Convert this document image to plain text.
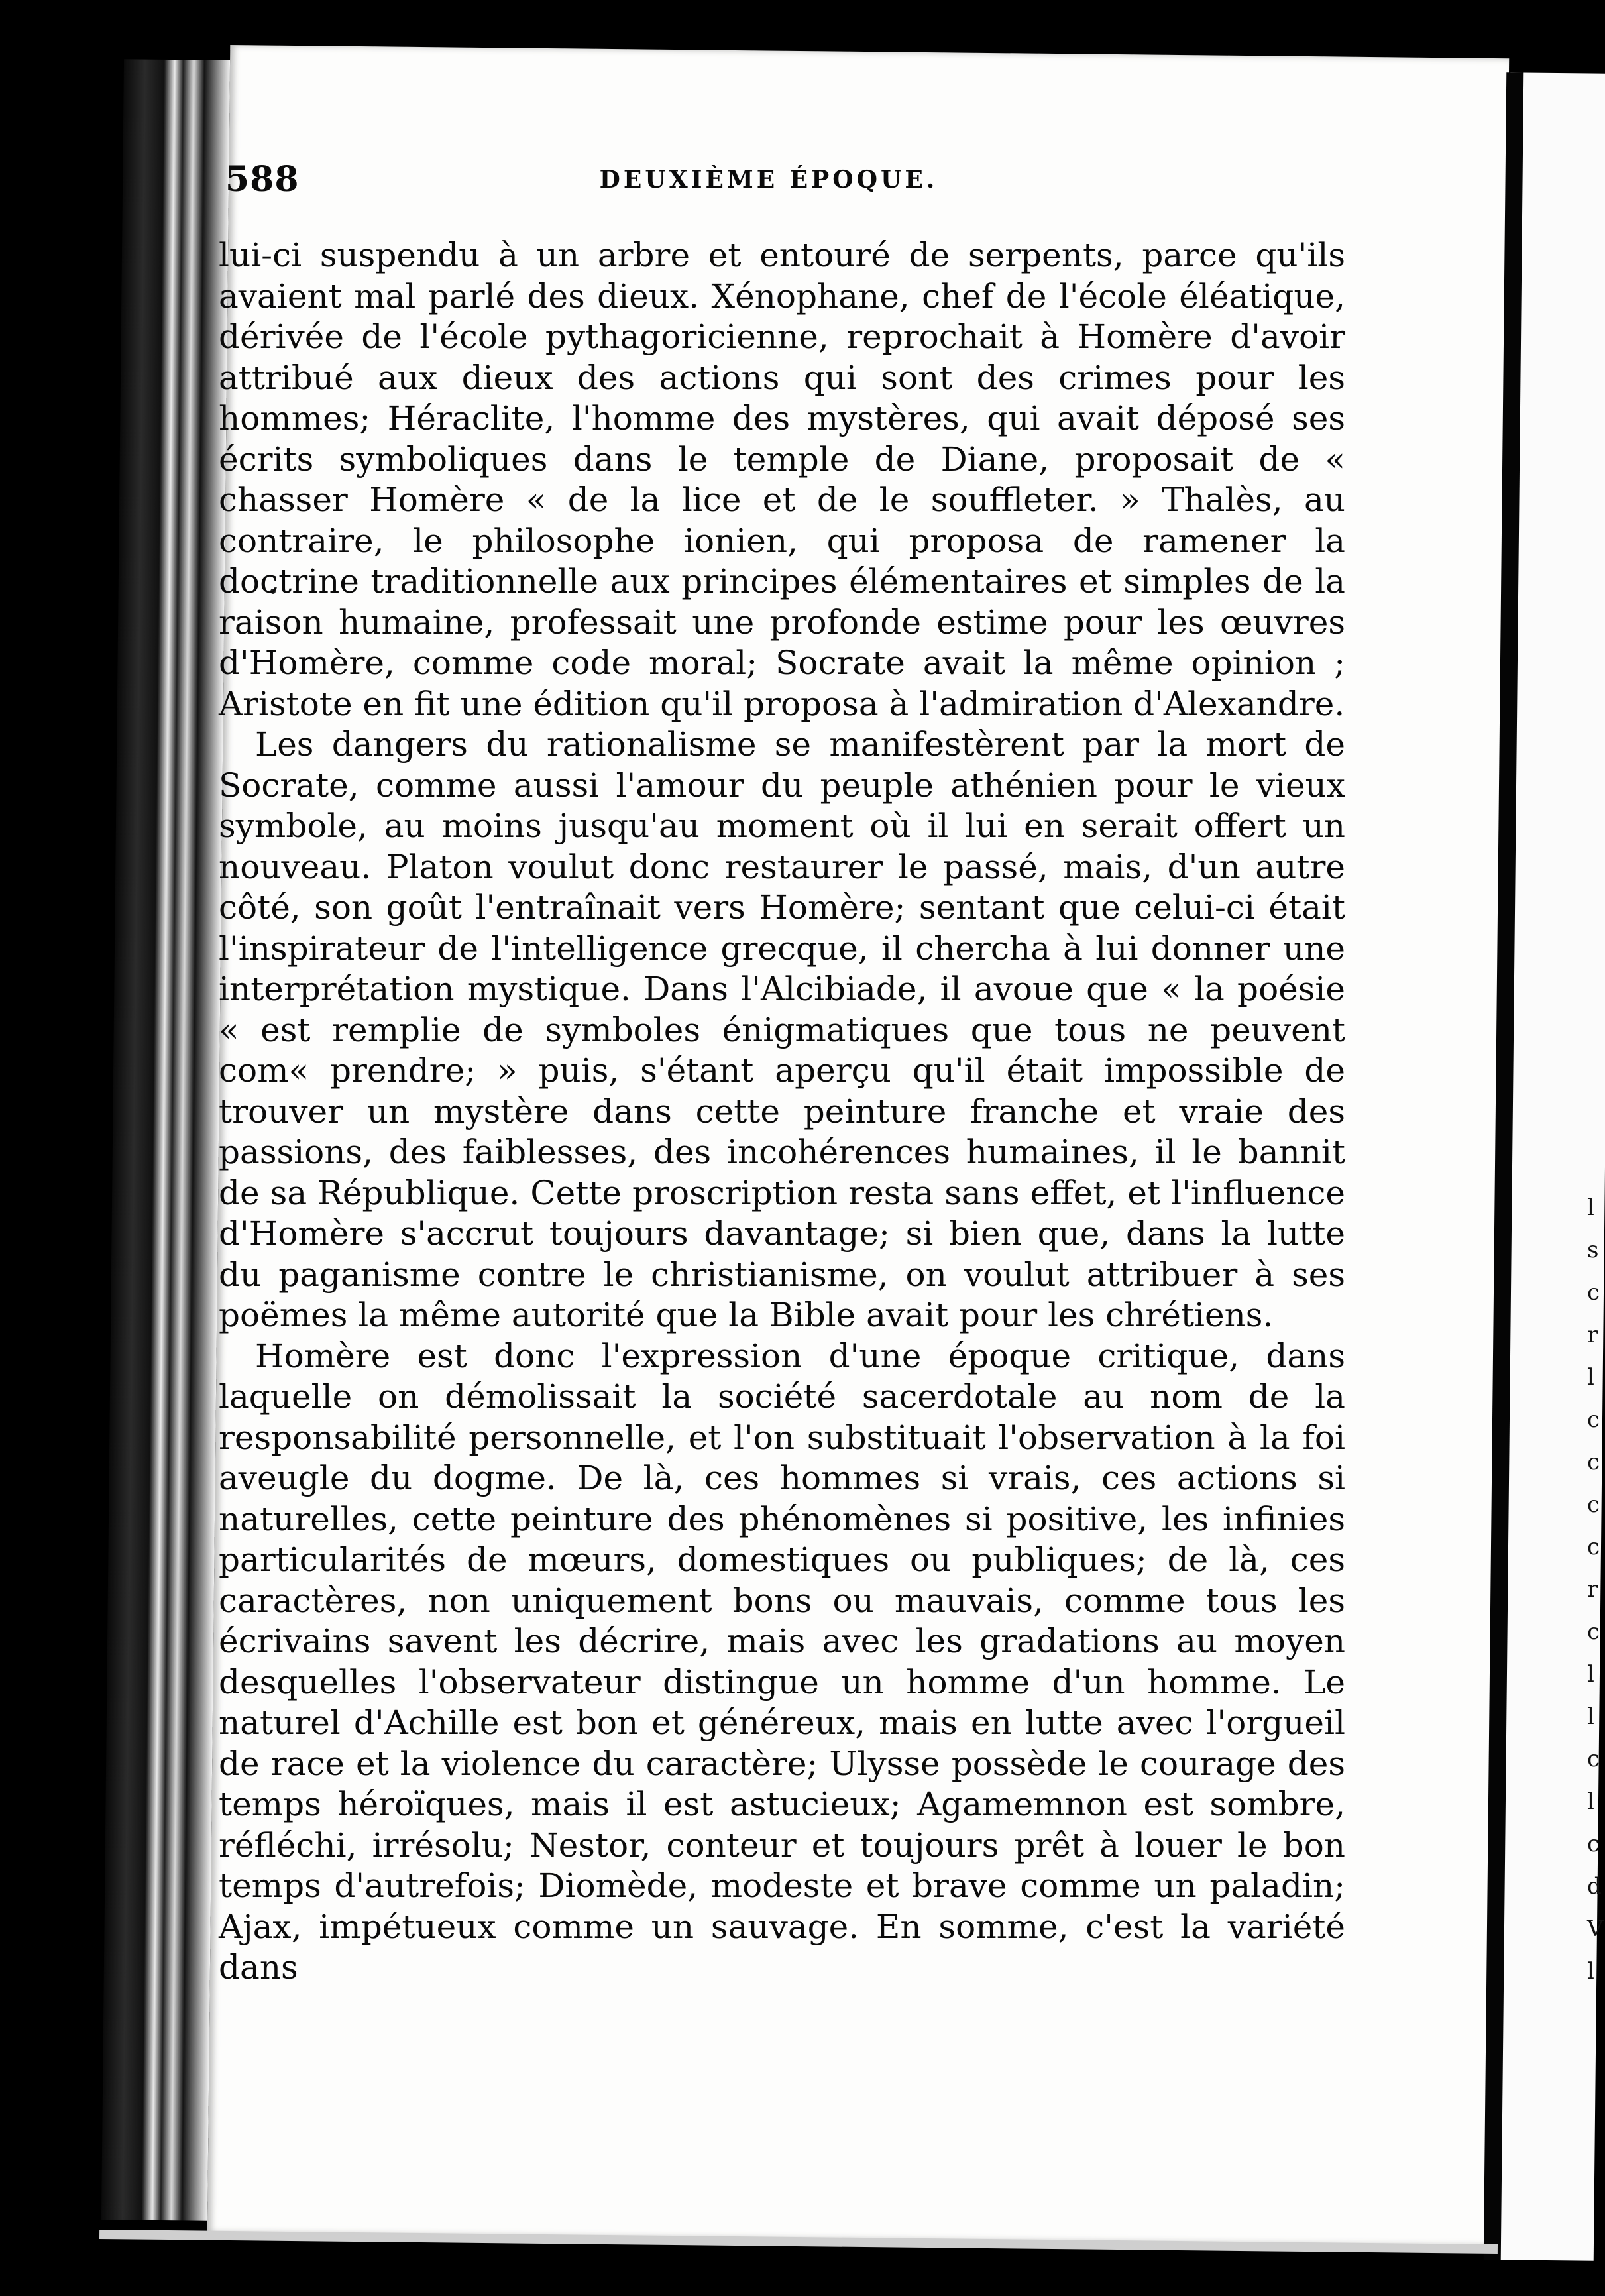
588	DEUXIÈME ÉPOQUE.

lui-ci suspendu à un arbre et entouré de serpents, parce qu'ils avaient mal parlé des dieux. Xénophane, chef de l'école éléatique, dérivée de l'école pythagoricienne, reprochait à Homère d'avoir attribué aux dieux des actions qui sont des crimes pour les hommes; Héraclite, l'homme des mystères, qui avait déposé ses écrits symboliques dans le temple de Diane, proposait de « chasser Homère « de la lice et de le souffleter. » Thalès, au contraire, le philosophe ionien, qui proposa de ramener la doctrine traditionnelle aux principes élémentaires et simples de la raison humaine, professait une profonde estime pour les œuvres d'Homère, comme code moral; Socrate avait la même opinion ; Aristote en fit une édition qu'il proposa à l'admiration d'Alexandre.

Les dangers du rationalisme se manifestèrent par la mort de Socrate, comme aussi l'amour du peuple athénien pour le vieux symbole, au moins jusqu'au moment où il lui en serait offert un nouveau. Platon voulut donc restaurer le passé, mais, d'un autre côté, son goût l'entraînait vers Homère; sentant que celui-ci était l'inspirateur de l'intelligence grecque, il chercha à lui donner une interprétation mystique. Dans l'Alcibiade, il avoue que « la poésie « est remplie de symboles énigmatiques que tous ne peuvent com« prendre; » puis, s'étant aperçu qu'il était impossible de trouver un mystère dans cette peinture franche et vraie des passions, des faiblesses, des incohérences humaines, il le bannit de sa République. Cette proscription resta sans effet, et l'influence d'Homère s'accrut toujours davantage; si bien que, dans la lutte du paganisme contre le christianisme, on voulut attribuer à ses poëmes la même autorité que la Bible avait pour les chrétiens.

Homère est donc l'expression d'une époque critique, dans laquelle on démolissait la société sacerdotale au nom de la responsabilité personnelle, et l'on substituait l'observation à la foi aveugle du dogme. De là, ces hommes si vrais, ces actions si naturelles, cette peinture des phénomènes si positive, les infinies particularités de mœurs, domestiques ou publiques; de là, ces caractères, non uniquement bons ou mauvais, comme tous les écrivains savent les décrire, mais avec les gradations au moyen desquelles l'observateur distingue un homme d'un homme. Le naturel d'Achille est bon et généreux, mais en lutte avec l'orgueil de race et la violence du caractère; Ulysse possède le courage des temps héroïques, mais il est astucieux; Agamemnon est sombre, réfléchi, irrésolu; Nestor, conteur et toujours prêt à louer le bon temps d'autrefois; Diomède, modeste et brave comme un paladin; Ajax, impétueux comme un sauvage. En somme, c'est la variété dans

l
s
c
r
l
c
c
c
c
r
c
l
l
c
l
c
d
V
l
